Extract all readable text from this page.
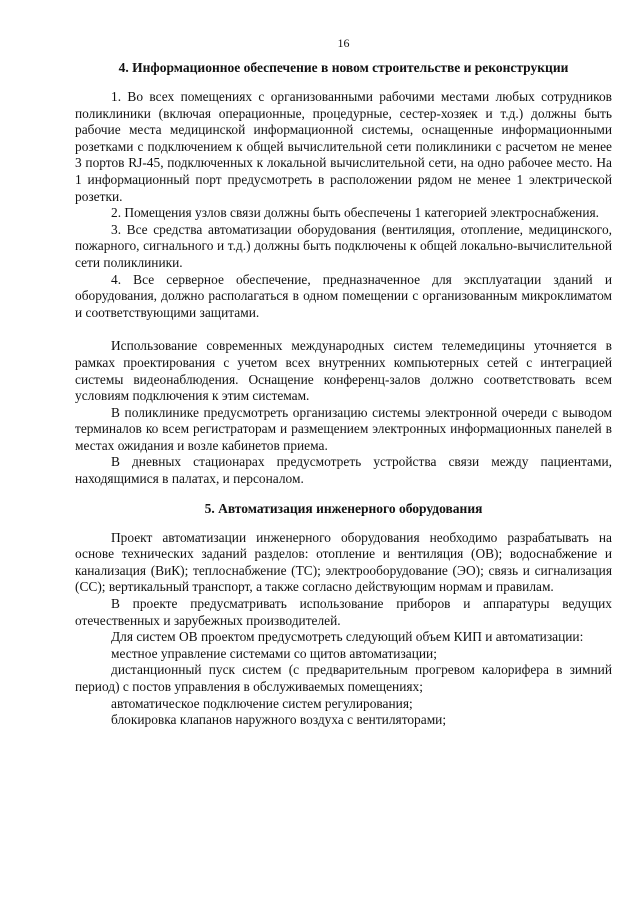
16
4. Информационное обеспечение в новом строительстве и реконструкции

1. Во всех помещениях с организованными рабочими местами любых сотрудников поликлиники (включая операционные, процедурные, сестер-хозяек и т.д.) должны быть рабочие места медицинской информационной системы, оснащенные информационными розетками с подключением к общей вычислительной сети поликлиники с расчетом не менее 3 портов RJ-45, подключенных к локальной вычислительной сети, на одно рабочее место. На 1 информационный порт предусмотреть в расположении рядом не менее 1 электрической розетки.

2. Помещения узлов связи должны быть обеспечены 1 категорией электроснабжения.

3. Все средства автоматизации оборудования (вентиляция, отопление, медицинского, пожарного, сигнального и т.д.) должны быть подключены к общей локально-вычислительной сети поликлиники.

4. Все серверное обеспечение, предназначенное для эксплуатации зданий и оборудования, должно располагаться в одном помещении с организованным микроклиматом и соответствующими защитами.

Использование современных международных систем телемедицины уточняется в рамках проектирования с учетом всех внутренних компьютерных сетей с интеграцией системы видеонаблюдения. Оснащение конференц-залов должно соответствовать всем условиям подключения к этим системам.

В поликлинике предусмотреть организацию системы электронной очереди с выводом терминалов ко всем регистраторам и размещением электронных информационных панелей в местах ожидания и возле кабинетов приема.

В дневных стационарах предусмотреть устройства связи между пациентами, находящимися в палатах, и персоналом.

5. Автоматизация инженерного оборудования

Проект автоматизации инженерного оборудования необходимо разрабатывать на основе технических заданий разделов: отопление и вентиляция (ОВ); водоснабжение и канализация (ВиК); теплоснабжение (ТС); электрооборудование (ЭО); связь и сигнализация (СС); вертикальный транспорт, а также согласно действующим нормам и правилам.

В проекте предусматривать использование приборов и аппаратуры ведущих отечественных и зарубежных производителей.

Для систем ОВ проектом предусмотреть следующий объем КИП и автоматизации:

местное управление системами со щитов автоматизации;

дистанционный пуск систем (с предварительным прогревом калорифера в зимний период) с постов управления в обслуживаемых помещениях;

автоматическое подключение систем регулирования;

блокировка клапанов наружного воздуха с вентиляторами;
